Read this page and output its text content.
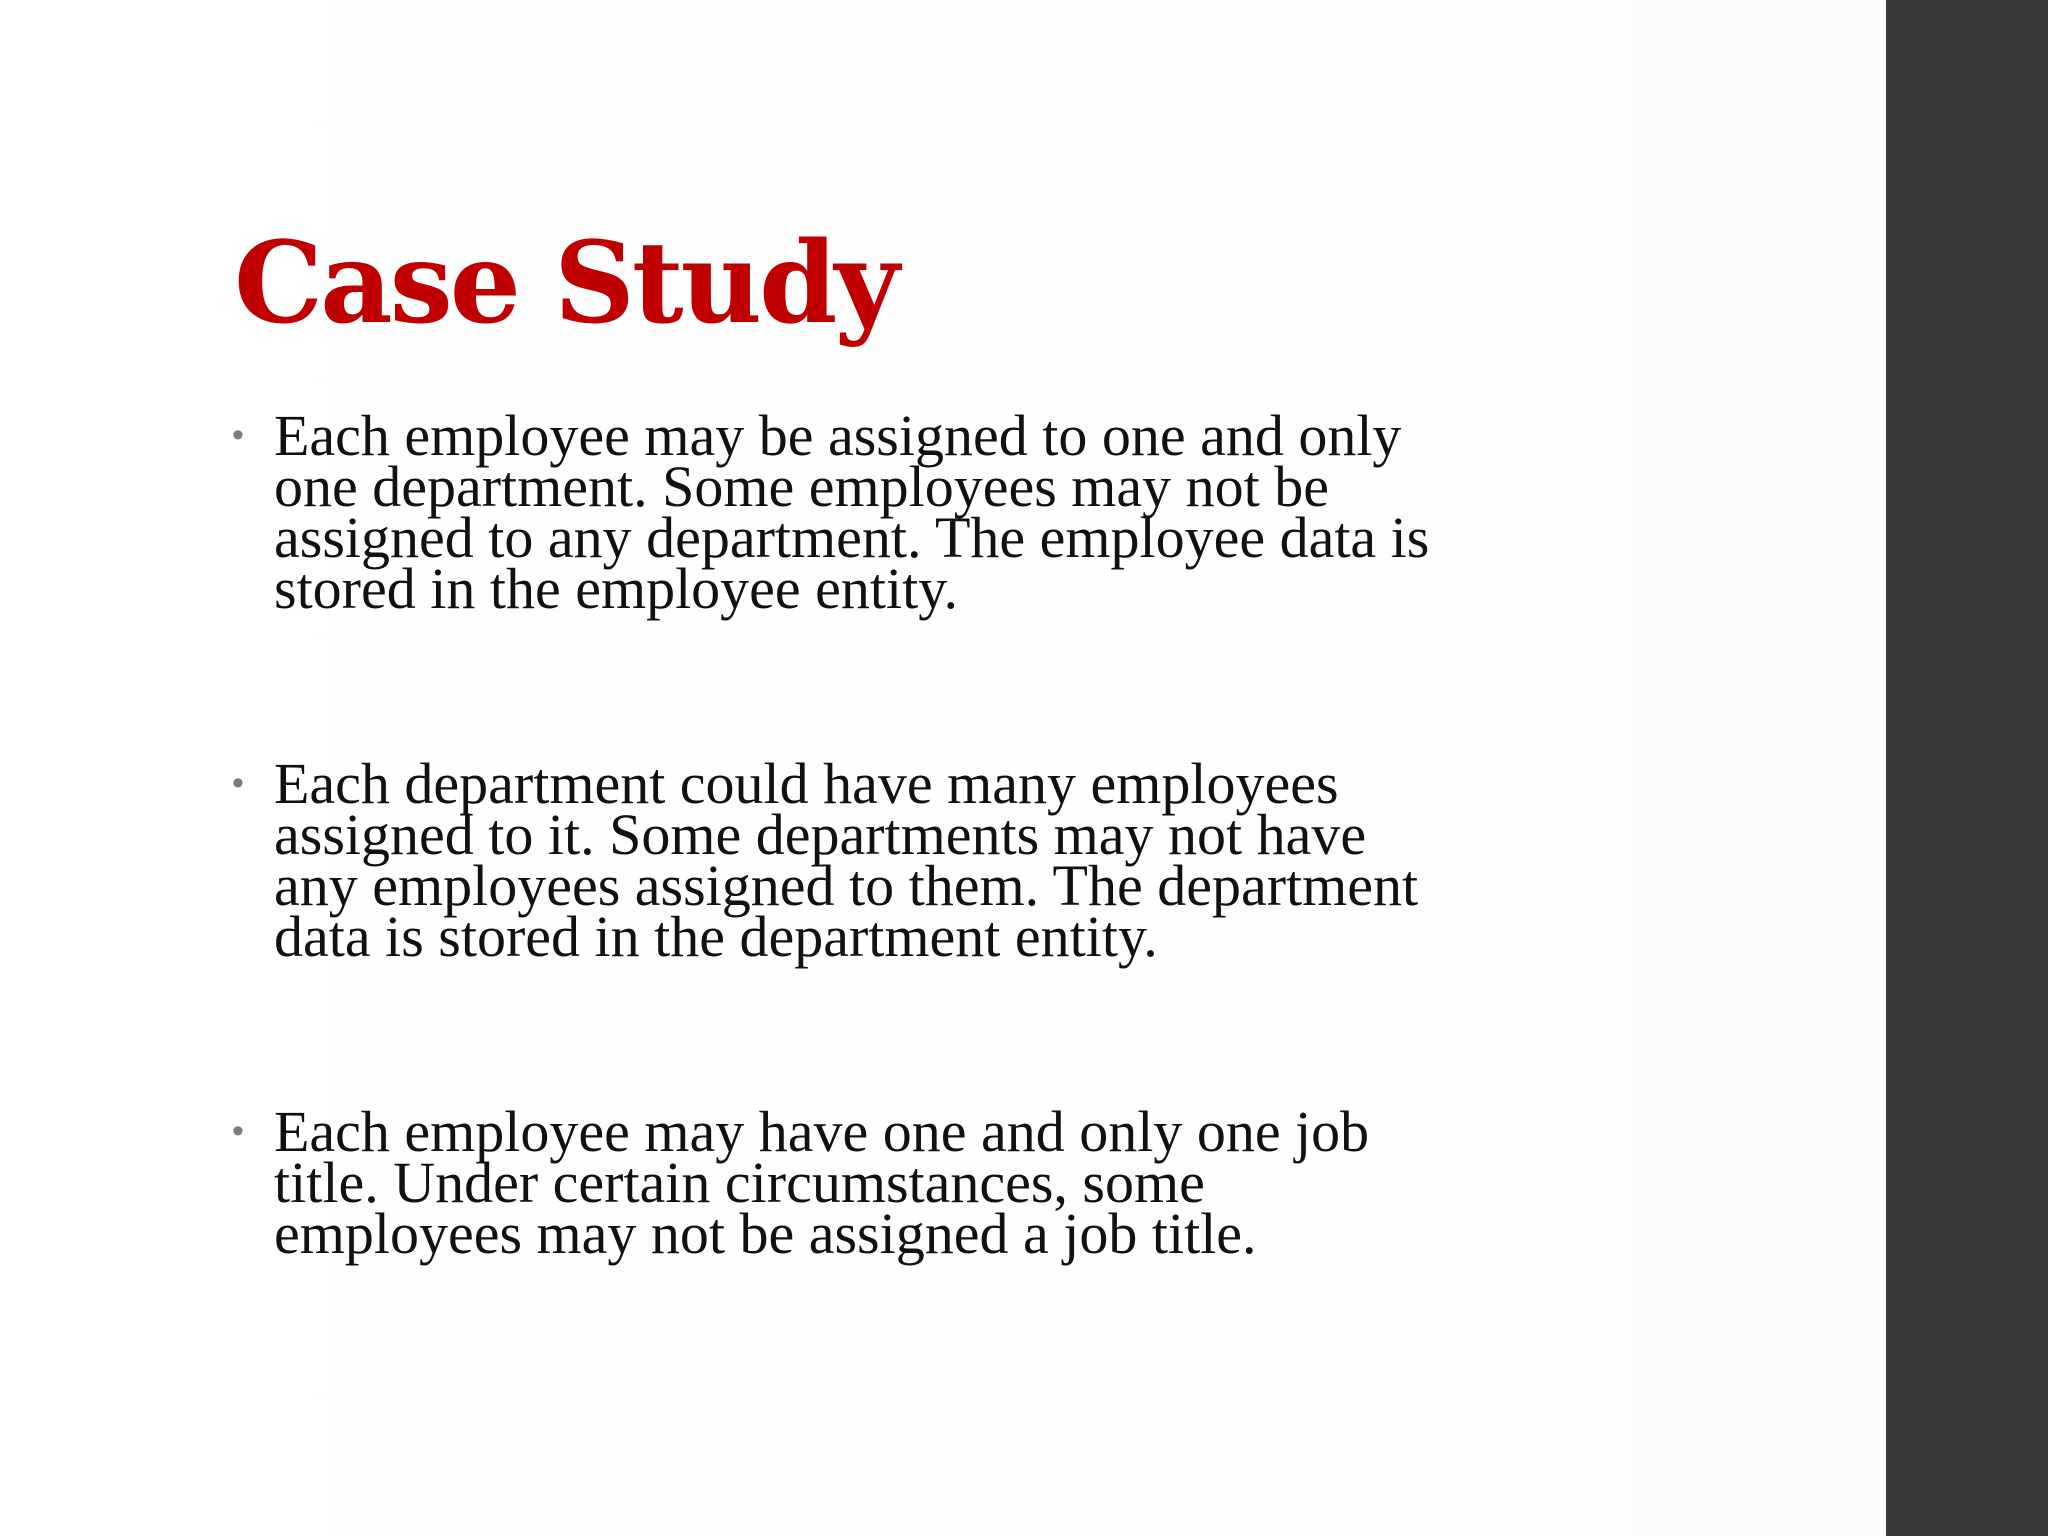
Case Study
• Each employee may be assigned to one and only
one department. Some employees may not be
assigned to any department. The employee data is
stored in the employee entity.
• Each department could have many employees
assigned to it. Some departments may not have
any employees assigned to them. The department
data is stored in the department entity.
• Each employee may have one and only one job
title. Under certain circumstances, some
employees may not be assigned a job title.
